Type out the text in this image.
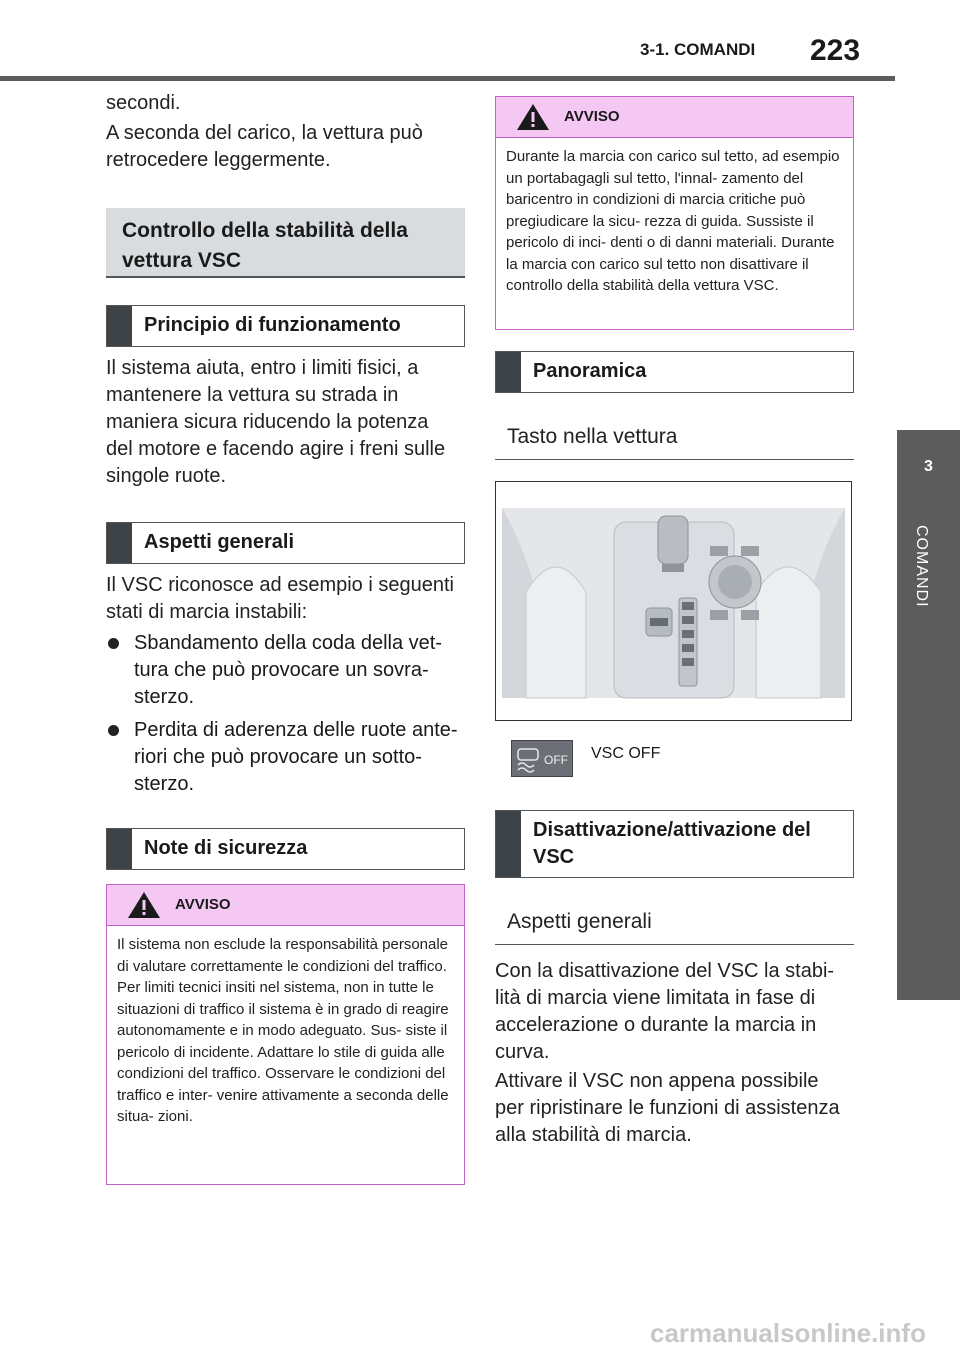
3-1. COMANDI 223
3
COMANDI

secondi.

A seconda del carico, la vettura può retrocedere leggermente.

Controllo della stabilità della vettura VSC
Principio di funzionamento

Il sistema aiuta, entro i limiti fisici, a mantenere la vettura su strada in maniera sicura riducendo la potenza del motore e facendo agire i freni sulle singole ruote.

Aspetti generali

Il VSC riconosce ad esempio i seguenti stati di marcia instabili:

Sbandamento della coda della vet- tura che può provocare un sovra- sterzo.
Perdita di aderenza delle ruote ante- riori che può provocare un sotto- sterzo.
Note di sicurezza
AVVISO
Il sistema non esclude la responsabilità personale di valutare correttamente le condizioni del traffico. Per limiti tecnici insiti nel sistema, non in tutte le situazioni di traffico il sistema è in grado di reagire autonomamente e in modo adeguato. Sus- siste il pericolo di incidente. Adattare lo stile di guida alle condizioni del traffico. Osservare le condizioni del traffico e inter- venire attivamente a seconda delle situa- zioni.
AVVISO
Durante la marcia con carico sul tetto, ad esempio un portabagagli sul tetto, l'innal- zamento del baricentro in condizioni di marcia critiche può pregiudicare la sicu- rezza di guida. Sussiste il pericolo di inci- denti o di danni materiali. Durante la marcia con carico sul tetto non disattivare il controllo della stabilità della vettura VSC.
Panoramica
Tasto nella vettura
OFF VSC OFF
Disattivazione/attivazione del VSC
Aspetti generali

Con la disattivazione del VSC la stabi- lità di marcia viene limitata in fase di accelerazione o durante la marcia in curva.

Attivare il VSC non appena possibile per ripristinare le funzioni di assistenza alla stabilità di marcia.

carmanualsonline.info
